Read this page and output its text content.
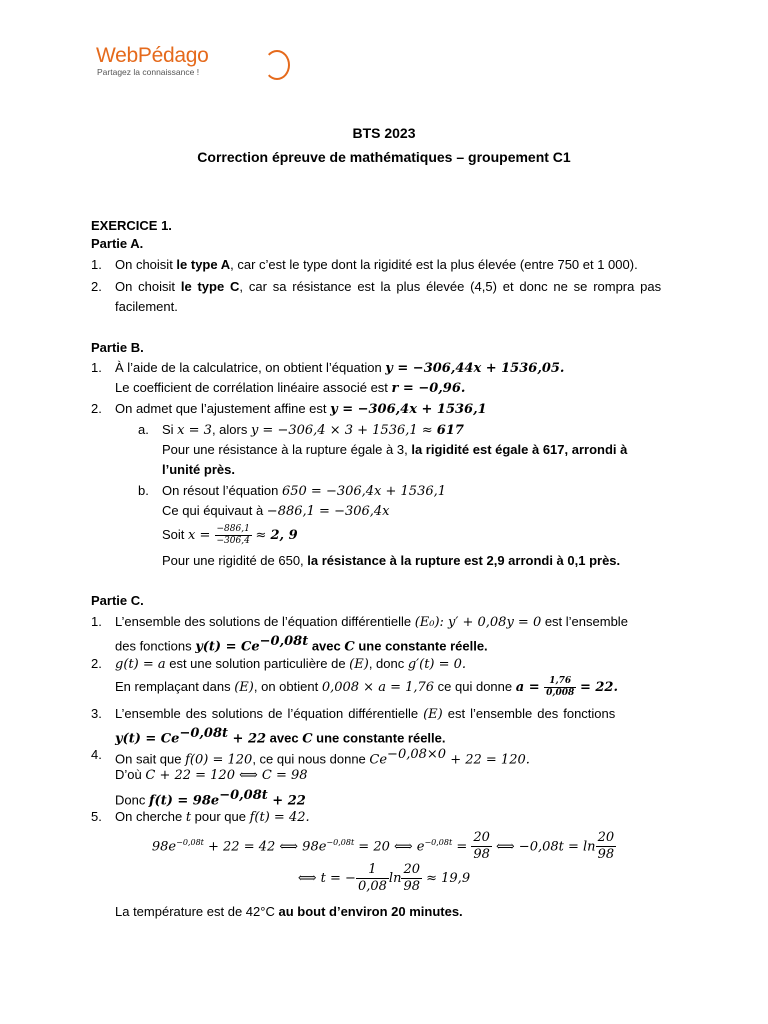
WebPédago
Partagez la connaissance !
BTS 2023
Correction épreuve de mathématiques – groupement C1
EXERCICE 1.
Partie A.
1. On choisit le type A, car c’est le type dont la rigidité est la plus élevée (entre 750 et 1 000).
2. On choisit le type C, car sa résistance est la plus élevée (4,5) et donc ne se rompra pas
facilement.
Partie B.
1. À l’aide de la calculatrice, on obtient l’équation y = −306,44x + 1536,05.
Le coefficient de corrélation linéaire associé est r = −0,96.
2. On admet que l’ajustement affine est y = −306,4x + 1536,1
a. Si x = 3, alors y = −306,4 × 3 + 1536,1 ≈ 617
Pour une résistance à la rupture égale à 3, la rigidité est égale à 617, arrondi à
l’unité près.
b. On résout l’équation 650 = −306,4x + 1536,1
Ce qui équivaut à −886,1 = −306,4x
Soit $x = \frac{-886,1}{-306,4} \approx 2$, 9
Pour une rigidité de 650, la résistance à la rupture est 2,9 arrondi à 0,1 près.
Partie C.
1. L’ensemble des solutions de l’équation différentielle (E₀): y′ + 0,08y = 0 est l’ensemble
des fonctions $y(t) = Ce^{-0,08t}$ avec C une constante réelle.
2. g(t) = a est une solution particulière de (E), donc g′(t) = 0.
En remplaçant dans (E), on obtient 0,008 × a = 1,76 ce qui donne $a = \frac{1,76}{0,008} = 22$.
3. L’ensemble des solutions de l’équation différentielle (E) est l’ensemble des fonctions
$y(t) = Ce^{-0,08t} + 22$ avec C une constante réelle.
4. On sait que f(0) = 120, ce qui nous donne $Ce^{-0,08\times 0} + 22 = 120$.
D’où C + 22 = 120 ⟺ C = 98
Donc $f(t) = 98e^{-0,08t} + 22$
5. On cherche t pour que f(t) = 42.
$98e^{-0,08t} + 22 = 42$ ⟺ $98e^{-0,08t} = 20$ ⟺ $e^{-0,08t} = \frac{20}{98}$ ⟺ $-0,08t = \ln \frac{20}{98}$
⟺ t = − $\frac{1}{0,08}$ $\ln \frac{20}{98} \approx 19,9$
La température est de 42°C au bout d’environ 20 minutes.
